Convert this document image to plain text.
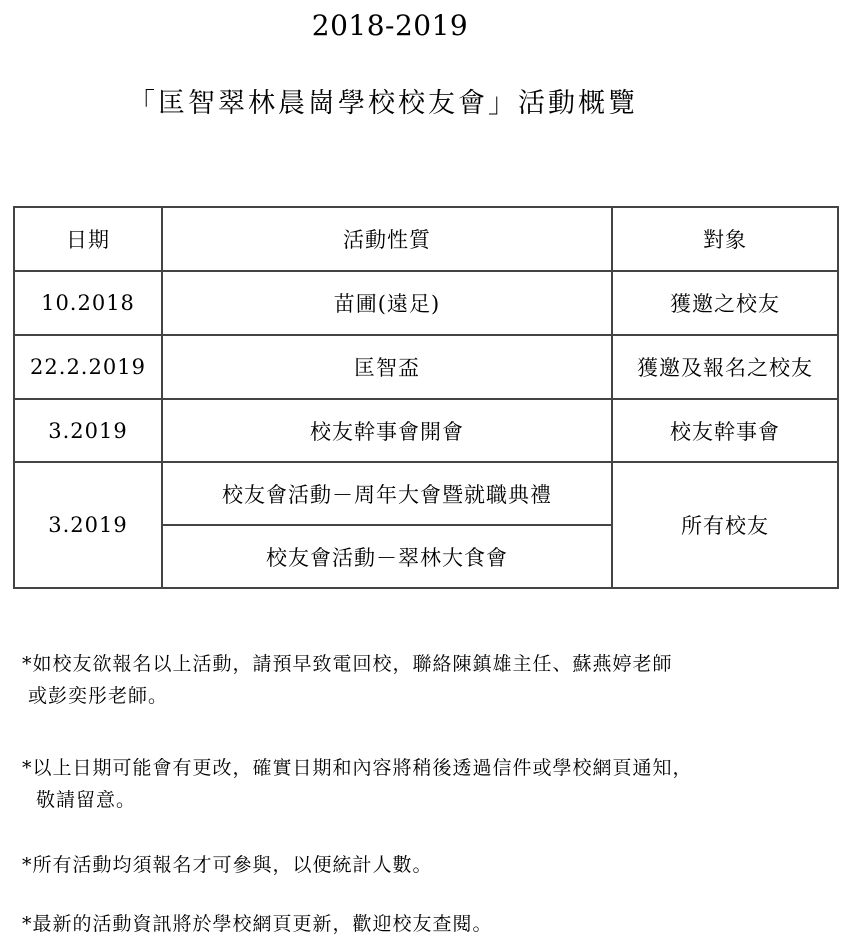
2018-2019
「匡智翠林晨崗學校校友會」活動概覽
日期	活動性質	對象
10.2018	苗圃(遠足)	獲邀之校友
22.2.2019	匡智盃	獲邀及報名之校友
3.2019	校友幹事會開會	校友幹事會
3.2019	校友會活動－周年大會暨就職典禮	所有校友
	校友會活動－翠林大食會	
*如校友欲報名以上活動，請預早致電回校，聯絡陳鎮雄主任、蘇燕婷老師
或彭奕彤老師。
*以上日期可能會有更改，確實日期和內容將稍後透過信件或學校網頁通知，
敬請留意。
*所有活動均須報名才可參與，以便統計人數。
*最新的活動資訊將於學校網頁更新，歡迎校友查閱。
